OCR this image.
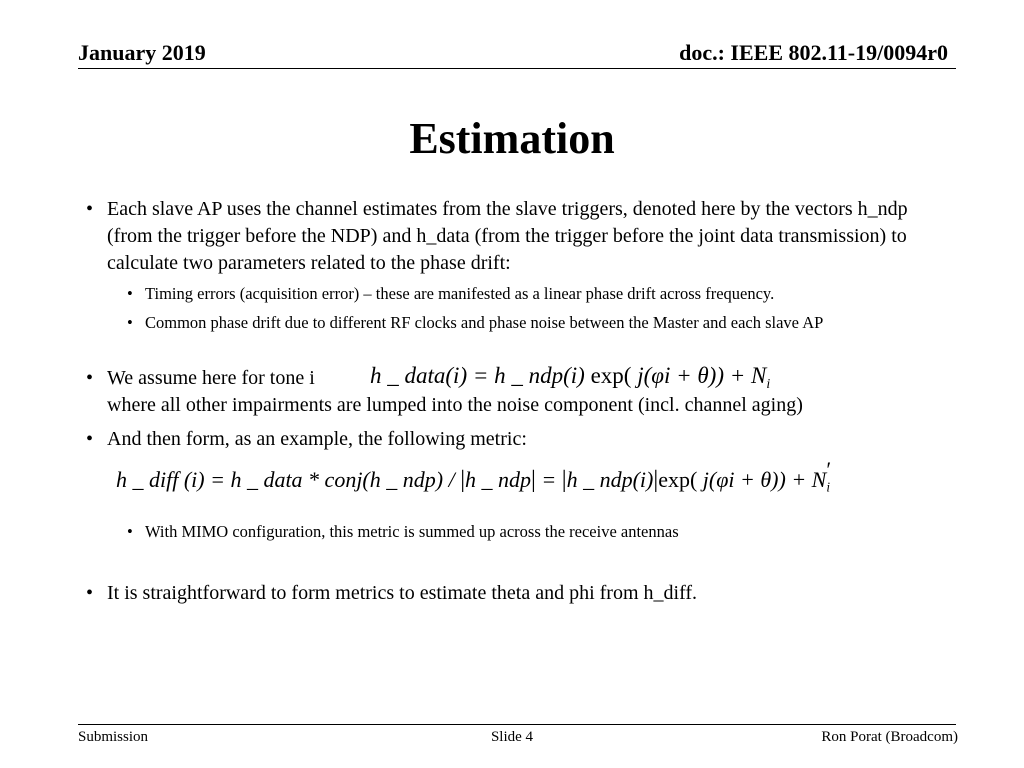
January 2019	doc.: IEEE 802.11-19/0094r0
Estimation
• Each slave AP uses the channel estimates from the slave triggers, denoted here by the vectors h_ndp (from the trigger before the NDP) and h_data (from the trigger before the joint data transmission) to calculate two parameters related to the phase drift:
• Timing errors (acquisition error) – these are manifested as a linear phase drift across frequency.
• Common phase drift due to different RF clocks and phase noise between the Master and each slave AP
• We assume here for tone i
where all other impairments are lumped into the noise component (incl. channel aging)
h _ data(i) = h _ ndp(i) exp( $j(\varphi i + \theta)) + N_i$
• And then form, as an example, the following metric:
h _ diff (i) = h _ data * conj(h _ ndp) / |h _ ndp| = |h _ ndp(i)|exp( j(φi + θ)) + N ′
$_i$
• With MIMO configuration, this metric is summed up across the receive antennas
• It is straightforward to form metrics to estimate theta and phi from h_diff.
Submission	Slide 4	Ron Porat (Broadcom)
